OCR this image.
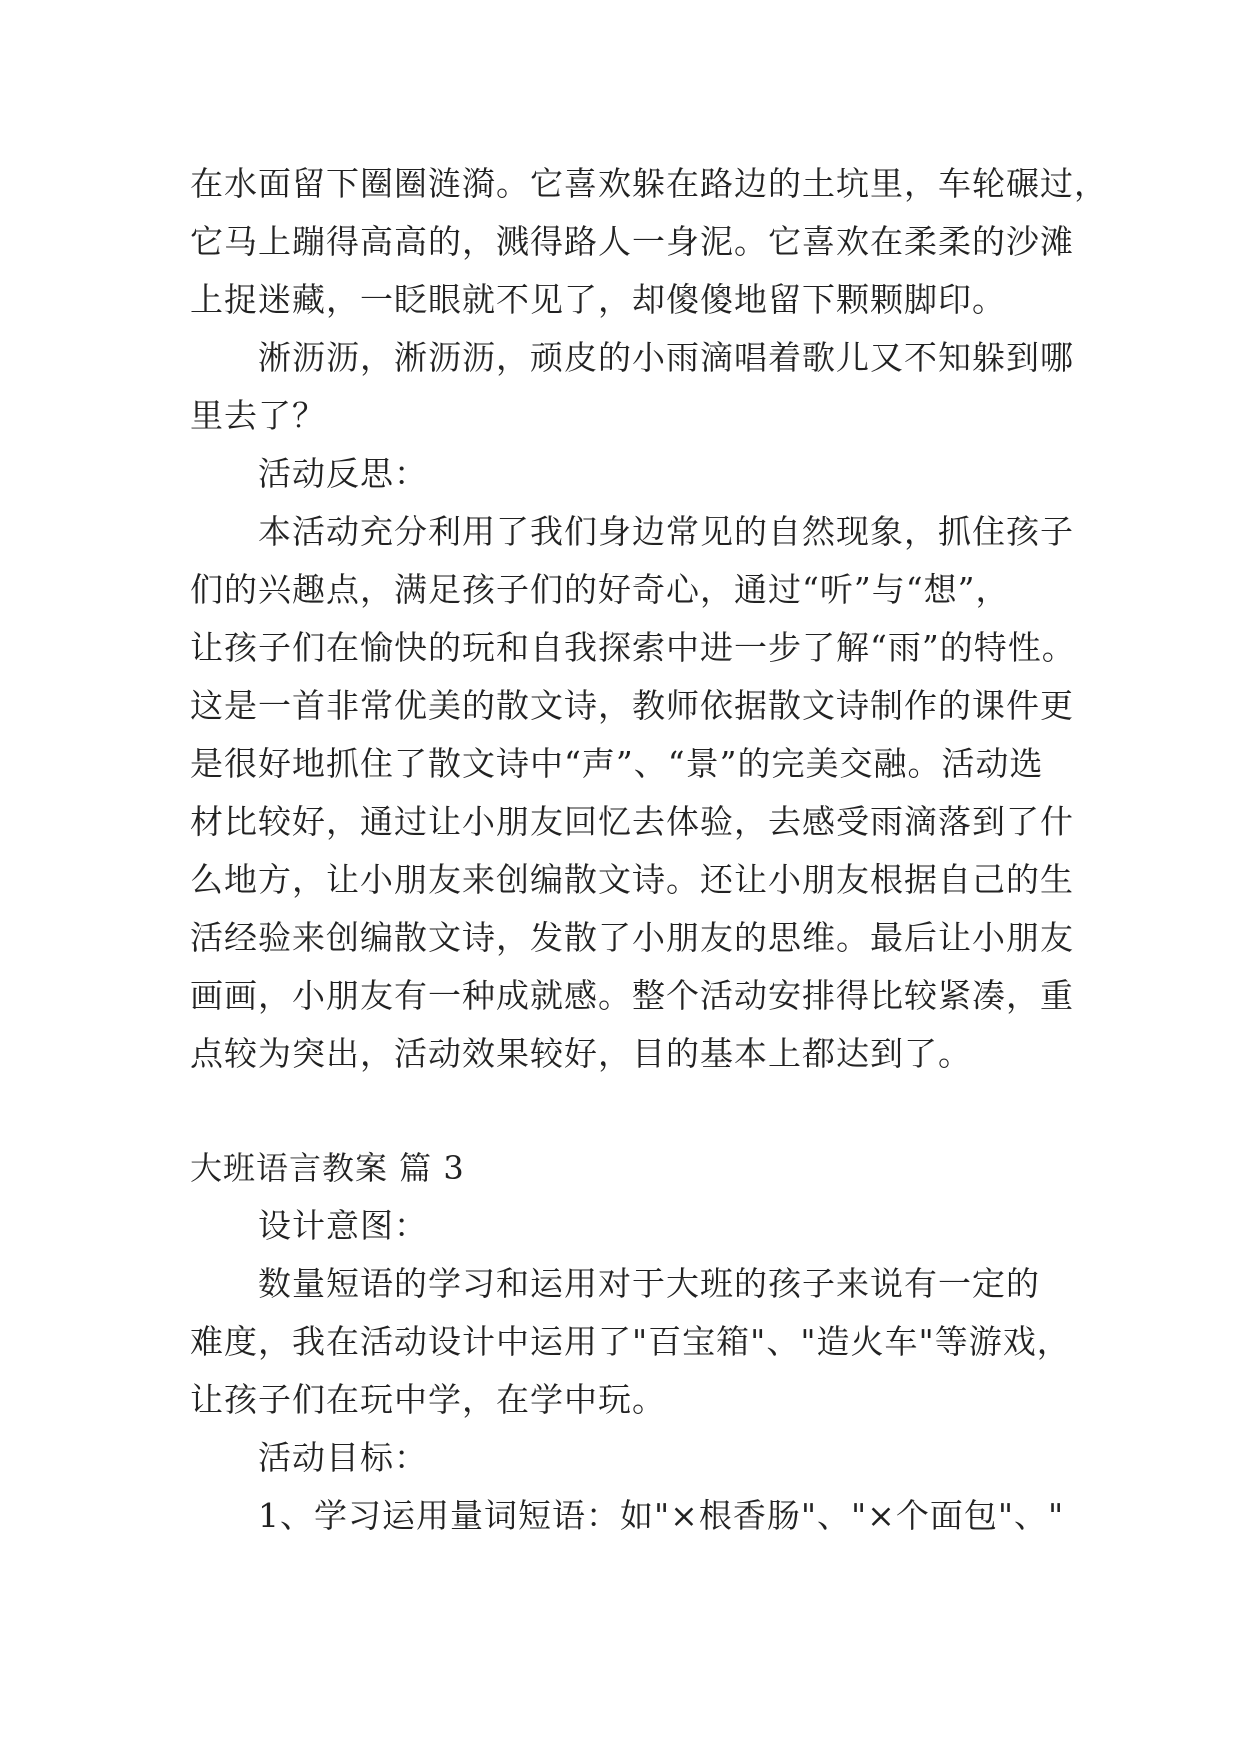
在水面留下圈圈涟漪。它喜欢躲在路边的土坑里，车轮碾过，
它马上蹦得高高的，溅得路人一身泥。它喜欢在柔柔的沙滩
上捉迷藏，一眨眼就不见了，却傻傻地留下颗颗脚印。
淅沥沥，淅沥沥，顽皮的小雨滴唱着歌儿又不知躲到哪
里去了？
活动反思：
本活动充分利用了我们身边常见的自然现象，抓住孩子
们的兴趣点，满足孩子们的好奇心，通过“听”与“想”，
让孩子们在愉快的玩和自我探索中进一步了解“雨”的特性。
这是一首非常优美的散文诗，教师依据散文诗制作的课件更
是很好地抓住了散文诗中“声”、“景”的完美交融。活动选
材比较好，通过让小朋友回忆去体验，去感受雨滴落到了什
么地方，让小朋友来创编散文诗。还让小朋友根据自己的生
活经验来创编散文诗，发散了小朋友的思维。最后让小朋友
画画，小朋友有一种成就感。整个活动安排得比较紧凑，重
点较为突出，活动效果较好，目的基本上都达到了。
大班语言教案 篇 3
设计意图：
数量短语的学习和运用对于大班的孩子来说有一定的
难度，我在活动设计中运用了"百宝箱"、"造火车"等游戏，
让孩子们在玩中学，在学中玩。
活动目标：
1、学习运用量词短语：如"×根香肠"、"×个面包"、"
